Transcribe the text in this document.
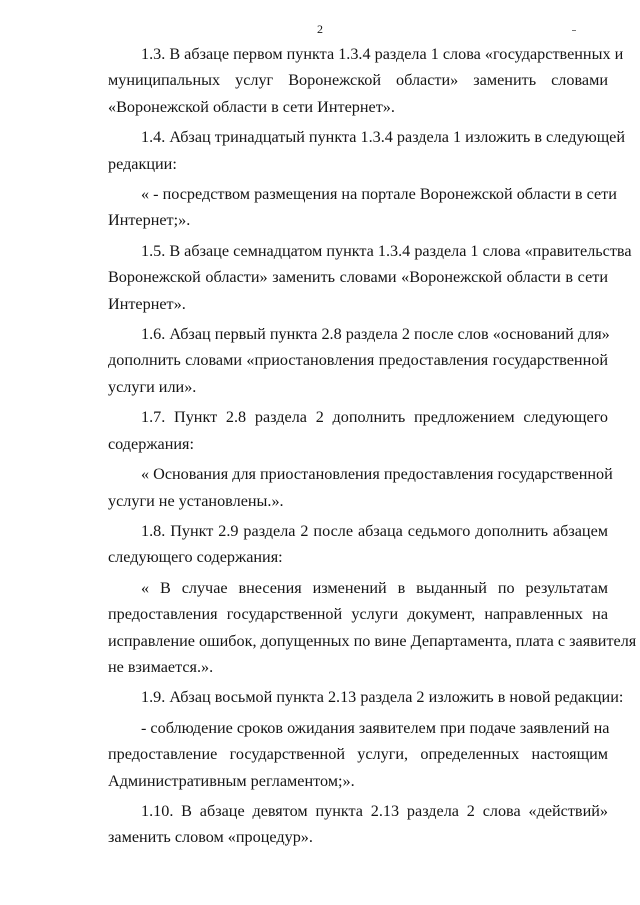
2

1.3. В абзаце первом пункта 1.3.4 раздела 1 слова «государственных и
муниципальных услуг Воронежской области» заменить словами
«Воронежской области в сети Интернет».

1.4. Абзац тринадцатый пункта 1.3.4 раздела 1 изложить в следующей
редакции:

« - посредством размещения на портале Воронежской области в сети
Интернет;».

1.5. В абзаце семнадцатом пункта 1.3.4 раздела 1 слова «правительства
Воронежской области» заменить словами «Воронежской области в сети
Интернет».

1.6. Абзац первый пункта 2.8 раздела 2 после слов «оснований для»
дополнить словами «приостановления предоставления государственной
услуги или».

1.7. Пункт 2.8 раздела 2 дополнить предложением следующего
содержания:

« Основания для приостановления предоставления государственной
услуги не установлены.».

1.8. Пункт 2.9 раздела 2 после абзаца седьмого дополнить абзацем
следующего содержания:

« В случае внесения изменений в выданный по результатам
предоставления государственной услуги документ, направленных на
исправление ошибок, допущенных по вине Департамента, плата с заявителя
не взимается.».

1.9. Абзац восьмой пункта 2.13 раздела 2 изложить в новой редакции:

- соблюдение сроков ожидания заявителем при подаче заявлений на
предоставление государственной услуги, определенных настоящим
Административным регламентом;».

1.10. В абзаце девятом пункта 2.13 раздела 2 слова «действий»
заменить словом «процедур».
